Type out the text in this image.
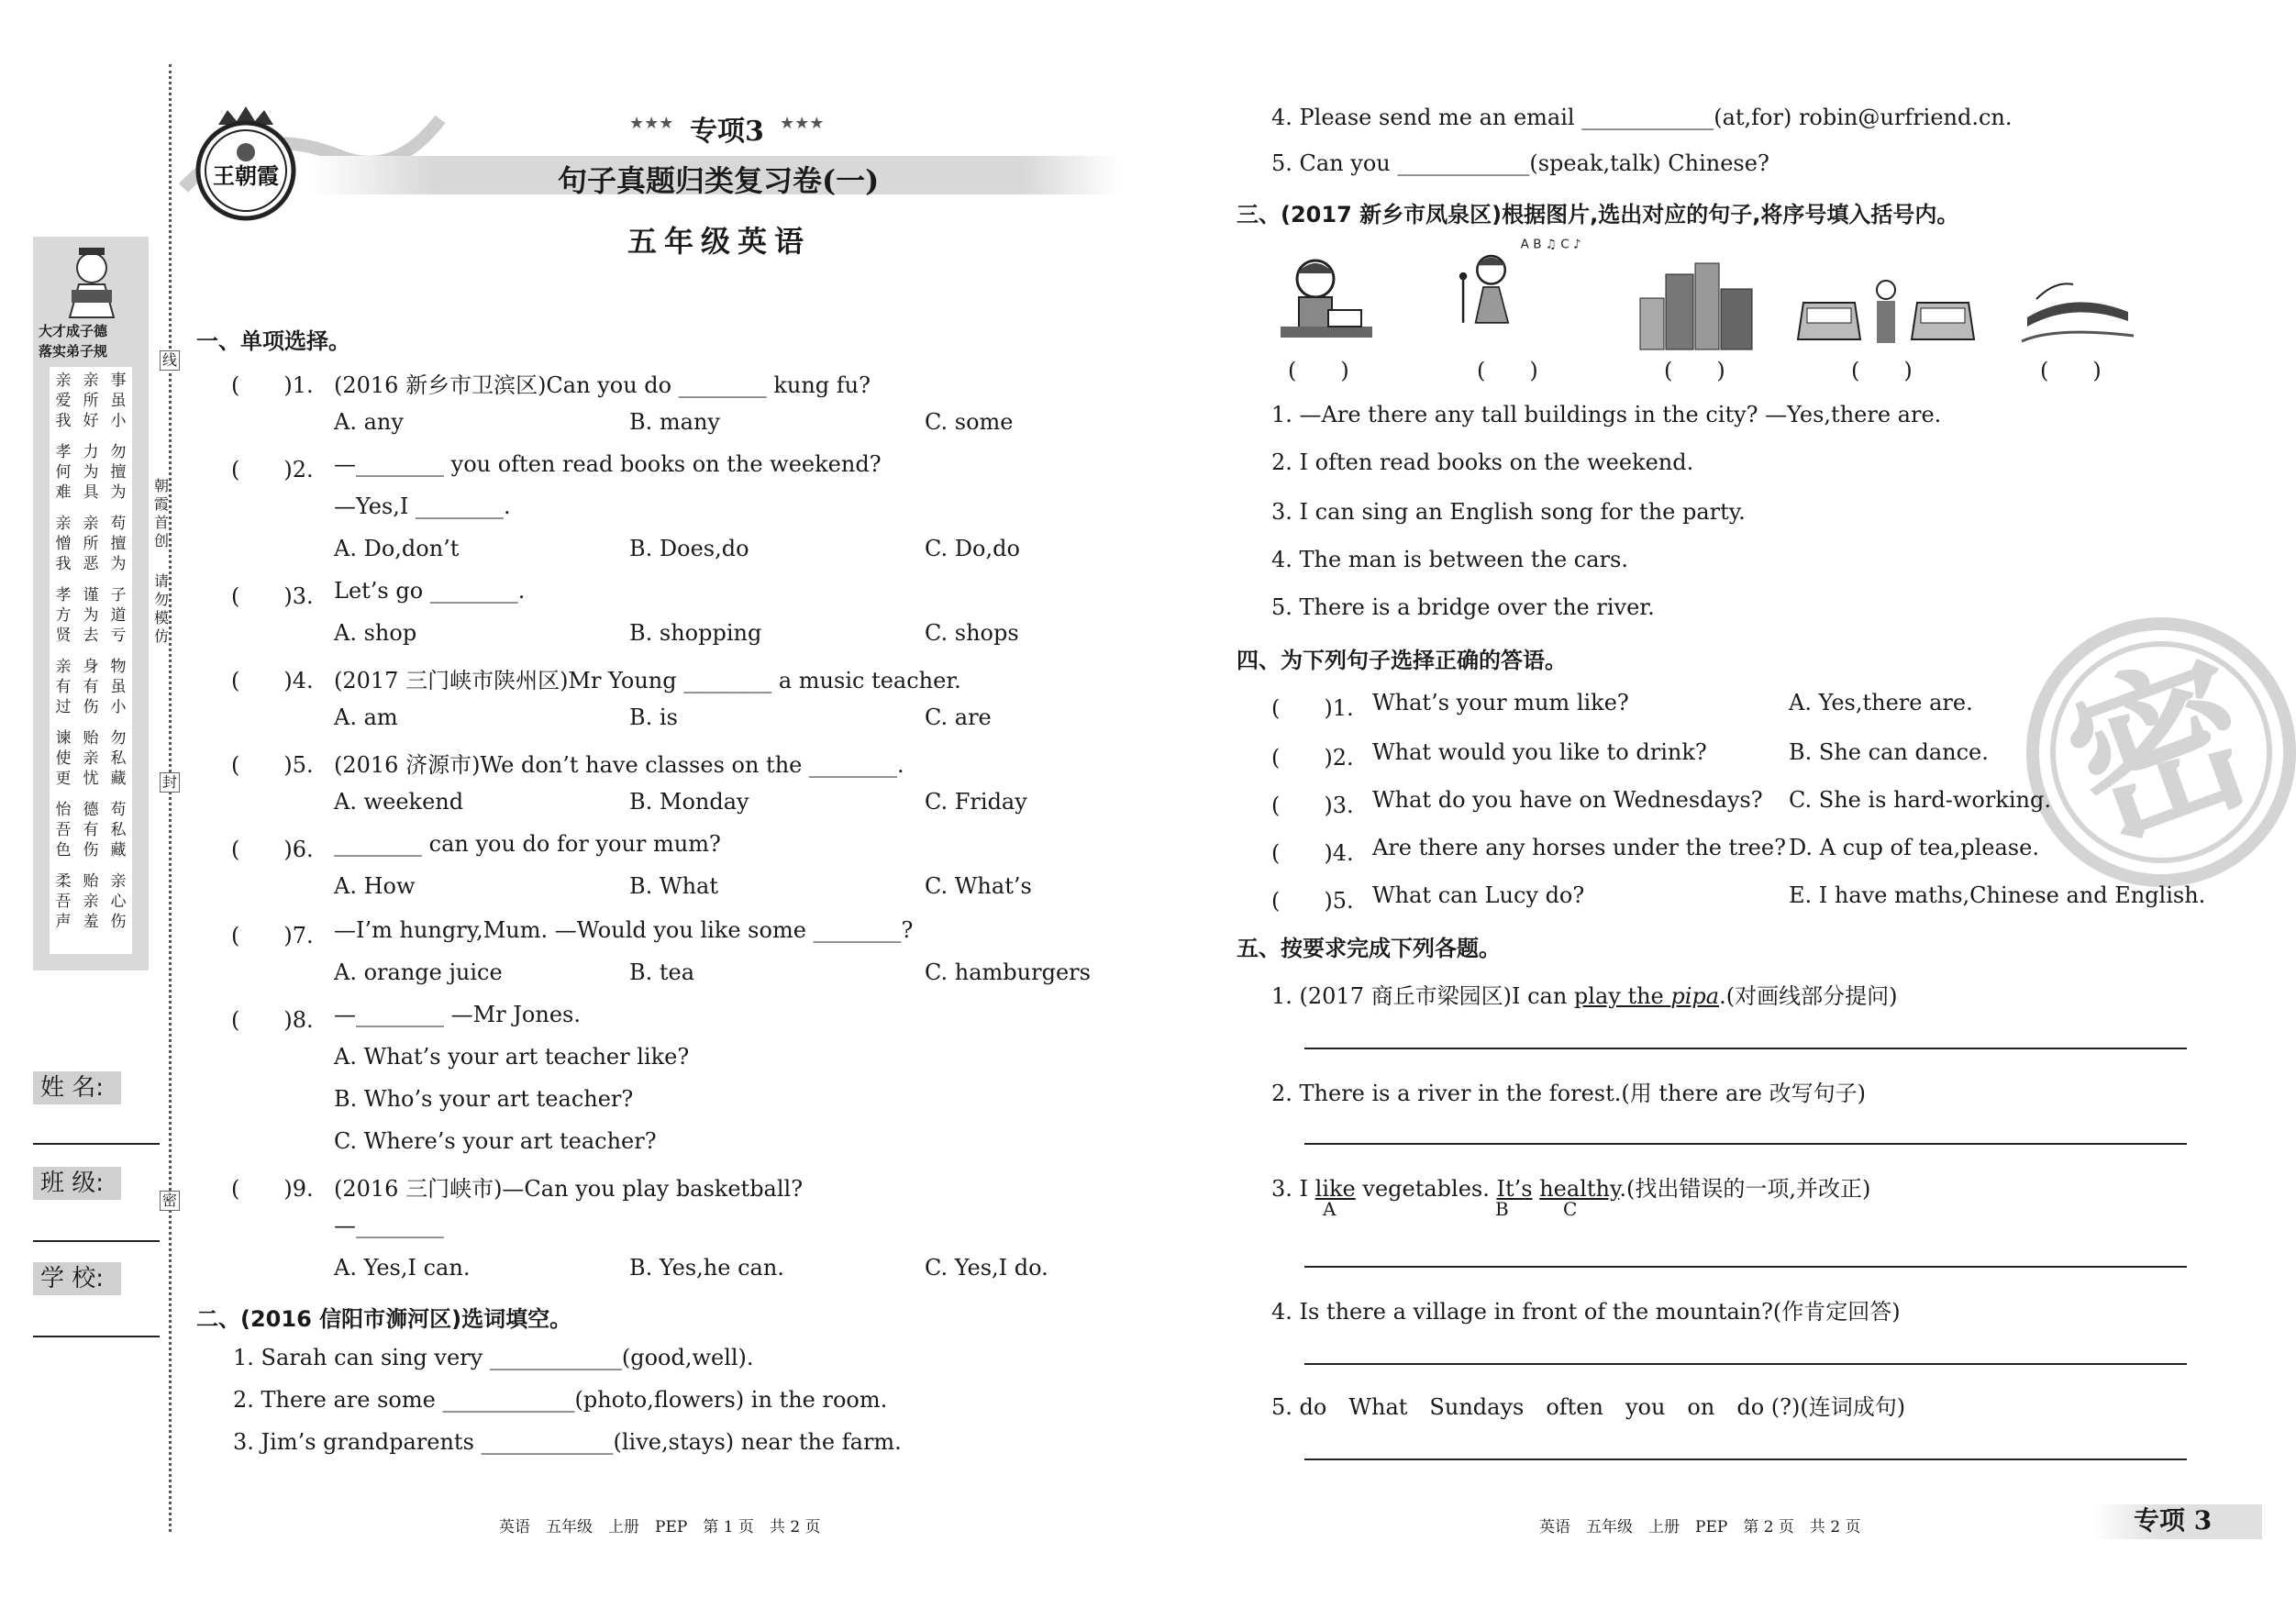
大才成子德
落实弟子规
亲爱我
亲所好
事虽小
孝何难
力为具
勿擅为
亲憎我
亲所恶
苟擅为
孝方贤
谨为去
子道亏
亲有过
身有伤
物虽小
谏使更
贻亲忧
勿私藏
怡吾色
德有伤
苟私藏
柔吾声
贻亲羞
亲心伤
线
朝霞首创
请勿模仿
封
密
姓 名:
班 级:
学 校:
王朝霞
★★★ 专项3 ★★★
句子真题归类复习卷(一)
五年级英语
一、单项选择。
(　　)1. (2016 新乡市卫滨区)Can you do ________ kung fu?
A. any	B. many	C. some
(　　)2. —________ you often read books on the weekend?
—Yes,I ________.
A. Do,don’t	B. Does,do	C. Do,do
(　　)3. Let’s go ________.
A. shop	B. shopping	C. shops
(　　)4. (2017 三门峡市陕州区)Mr Young ________ a music teacher.
A. am	B. is	C. are
(　　)5. (2016 济源市)We don’t have classes on the ________.
A. weekend	B. Monday	C. Friday
(　　)6. ________ can you do for your mum?
A. How	B. What	C. What’s
(　　)7. —I’m hungry,Mum. —Would you like some ________?
A. orange juice	B. tea	C. hamburgers
(　　)8. —________ —Mr Jones.
A. What’s your art teacher like?
B. Who’s your art teacher?
C. Where’s your art teacher?
(　　)9. (2016 三门峡市)—Can you play basketball?
—________
A. Yes,I can.	B. Yes,he can.	C. Yes,I do.
二、(2016 信阳市浉河区)选词填空。
1. Sarah can sing very ____________(good,well).
2. There are some ____________(photo,flowers) in the room.
3. Jim’s grandparents ____________(live,stays) near the farm.
4. Please send me an email ____________(at,for) robin@urfriend.cn.
5. Can you ____________(speak,talk) Chinese?
三、(2017 新乡市凤泉区)根据图片,选出对应的句子,将序号填入括号内。
A B ♫ C ♪
(　　)	(　　)	(　　)	(　　)	(　　)
1. —Are there any tall buildings in the city? —Yes,there are.
2. I often read books on the weekend.
3. I can sing an English song for the party.
4. The man is between the cars.
5. There is a bridge over the river.
密
四、为下列句子选择正确的答语。
(　　)1. What’s your mum like?	A. Yes,there are.
(　　)2. What would you like to drink?	B. She can dance.
(　　)3. What do you have on Wednesdays? C. She is hard-working.
(　　)4. Are there any horses under the tree? D. A cup of tea,please.
(　　)5. What can Lucy do?	E. I have maths,Chinese and English.
五、按要求完成下列各题。
1. (2017 商丘市梁园区)I can play the pipa.(对画线部分提问)
2. There is a river in the forest.(用 there are 改写句子)
3. I like vegetables. It’s healthy.(找出错误的一项,并改正)
A	B	C
4. Is there a village in front of the mountain?(作肯定回答)
5. do　What　Sundays　often　you　on　do (?)(连词成句)
英语　五年级　上册　PEP　第 1 页　共 2 页	英语　五年级　上册　PEP　第 2 页　共 2 页	专项 3
